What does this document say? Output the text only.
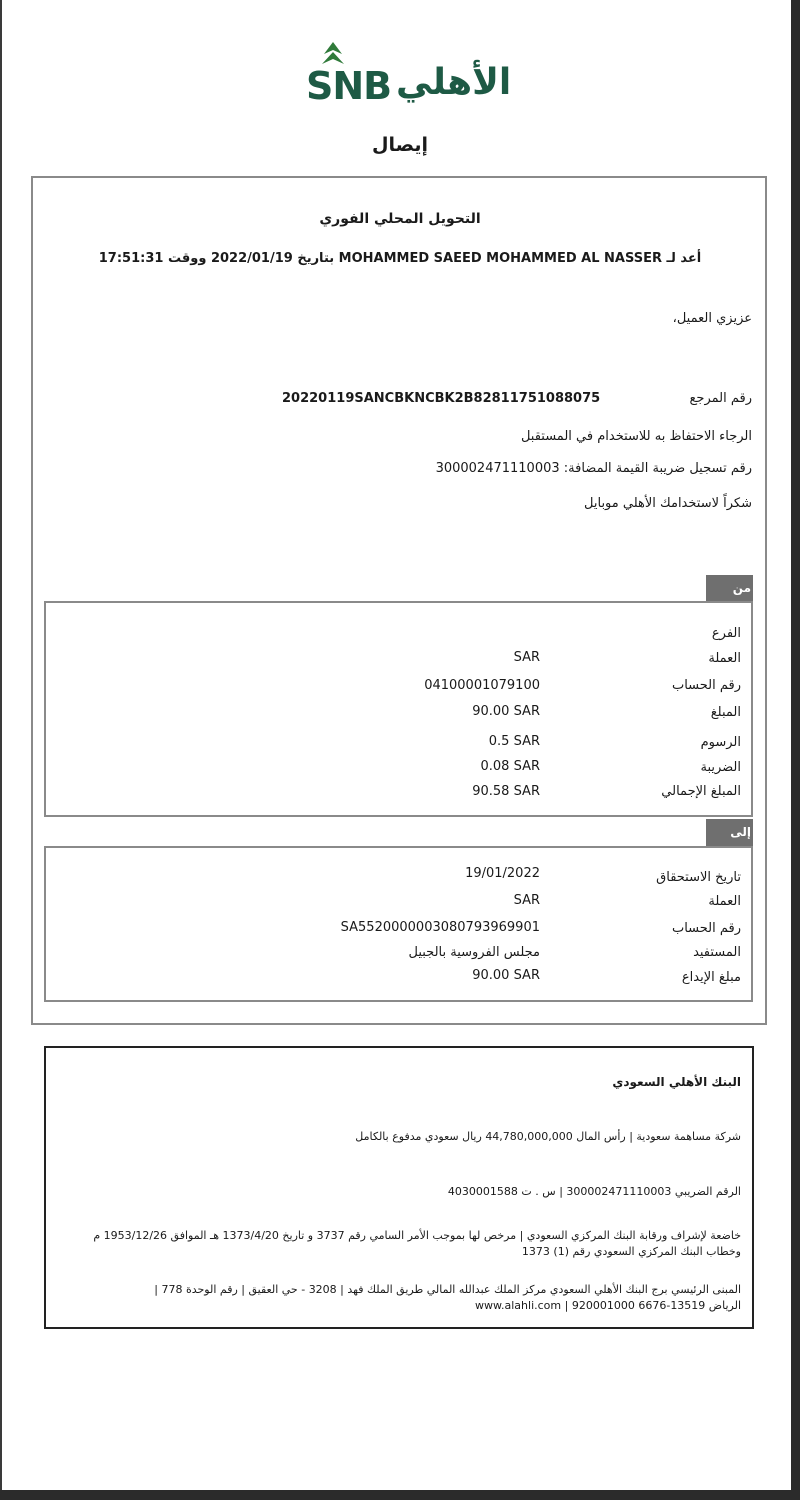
SNB الأهلي
إيصال
التحويل المحلي الفوري
أعد لـ MOHAMMED SAEED MOHAMMED AL NASSER بتاريخ 2022/01/19 ووقت 17:51:31
عزيزي العميل،
رقم المرجع
20220119SANCBKNCBK2B82811751088075
الرجاء الاحتفاظ به للاستخدام في المستقبل
رقم تسجيل ضريبة القيمة المضافة: 300002471110003
شكراً لاستخدامك الأهلي موبايل
من
الفرع
العملة
SAR
رقم الحساب
04100001079100
المبلغ
90.00 SAR
الرسوم
0.5 SAR
الضريبة
0.08 SAR
المبلغ الإجمالي
90.58 SAR
إلى
تاريخ الاستحقاق
19/01/2022
العملة
SAR
رقم الحساب
SA5520000003080793969901
المستفيد
مجلس الفروسية بالجبيل
مبلغ الإيداع
90.00 SAR
البنك الأهلي السعودي
شركة مساهمة سعودية | رأس المال 44,780,000,000 ريال سعودي مدفوع بالكامل
الرقم الضريبي 300002471110003 | س . ت 4030001588
خاضعة لإشراف ورقابة البنك المركزي السعودي | مرخص لها بموجب الأمر السامي رقم 3737 و تاريخ 1373/4/20 هـ الموافق 1953/12/26 م وخطاب البنك المركزي السعودي رقم (1) 1373
المبنى الرئيسي برج البنك الأهلي السعودي مركز الملك عبدالله المالي طريق الملك فهد | 3208 - حي العقيق | رقم الوحدة 778 | الرياض 13519-6676 920001000 | www.alahli.com
